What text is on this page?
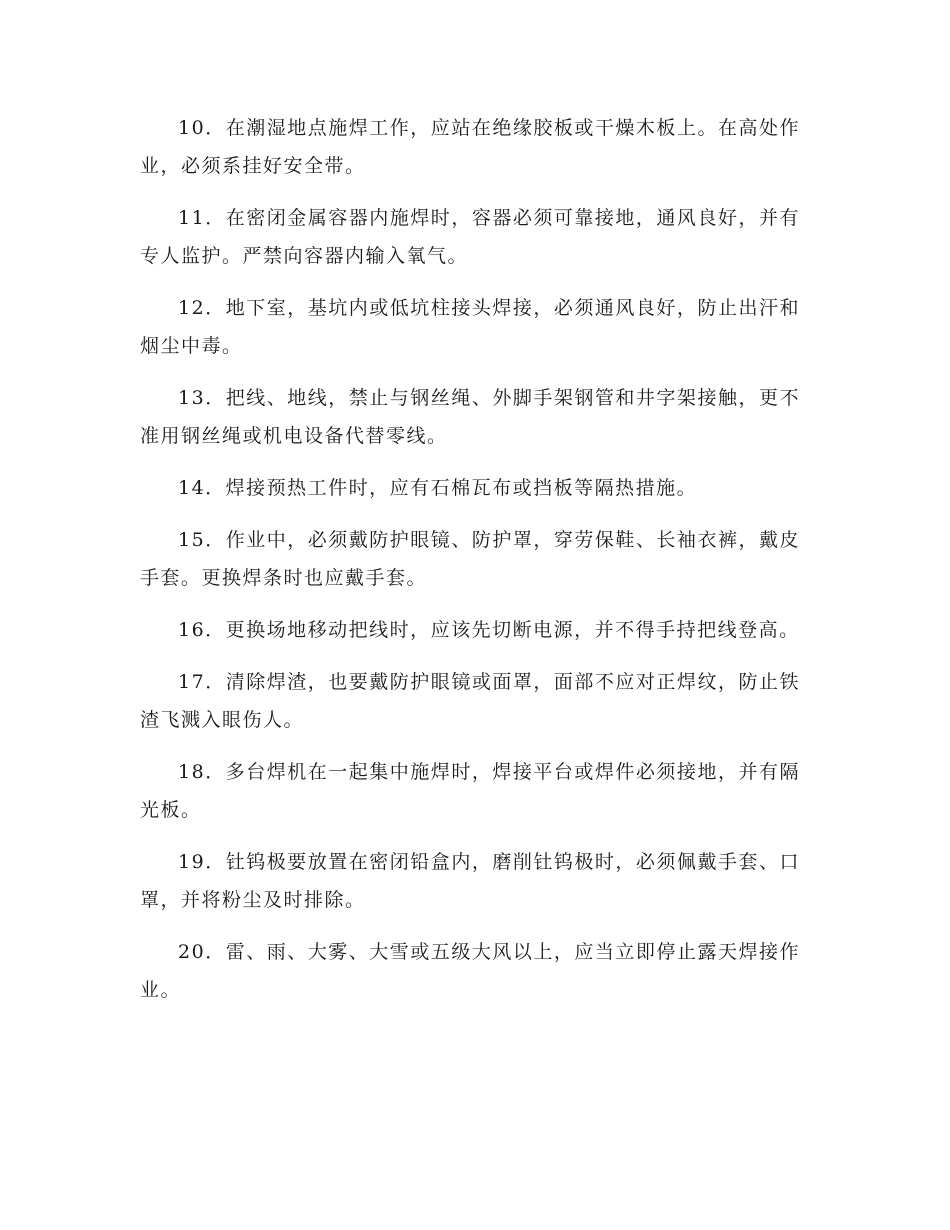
10．在潮湿地点施焊工作，应站在绝缘胶板或干燥木板上。在高处作业，必须系挂好安全带。

11．在密闭金属容器内施焊时，容器必须可靠接地，通风良好，并有专人监护。严禁向容器内输入氧气。

12．地下室，基坑内或低坑柱接头焊接，必须通风良好，防止出汗和烟尘中毒。

13．把线、地线，禁止与钢丝绳、外脚手架钢管和井字架接触，更不准用钢丝绳或机电设备代替零线。

14．焊接预热工件时，应有石棉瓦布或挡板等隔热措施。

15．作业中，必须戴防护眼镜、防护罩，穿劳保鞋、长袖衣裤，戴皮手套。更换焊条时也应戴手套。

16．更换场地移动把线时，应该先切断电源，并不得手持把线登高。

17．清除焊渣，也要戴防护眼镜或面罩，面部不应对正焊纹，防止铁渣飞溅入眼伤人。

18．多台焊机在一起集中施焊时，焊接平台或焊件必须接地，并有隔光板。

19．钍钨极要放置在密闭铅盒内，磨削钍钨极时，必须佩戴手套、口罩，并将粉尘及时排除。

20．雷、雨、大雾、大雪或五级大风以上，应当立即停止露天焊接作业。
